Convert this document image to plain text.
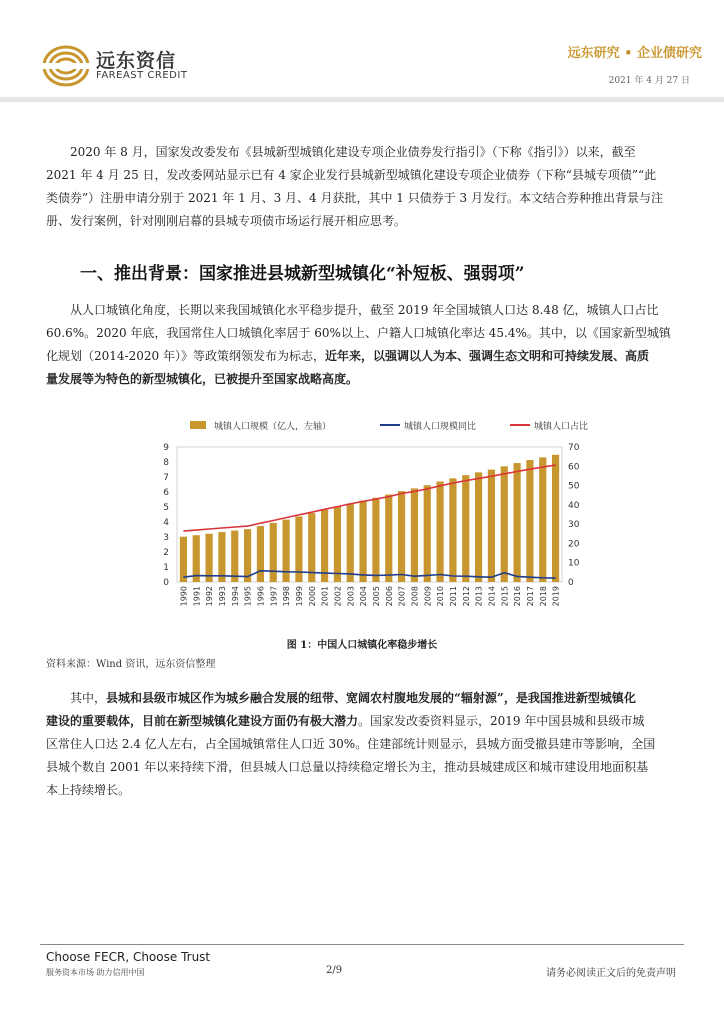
远东资信
FAREAST CREDIT
远东研究 • 企业债研究
2021 年 4 月 27 日
2020 年 8 月，国家发改委发布《县城新型城镇化建设专项企业债券发行指引》（下称《指引》）以来，截至
2021 年 4 月 25 日，发改委网站显示已有 4 家企业发行县城新型城镇化建设专项企业债券（下称“县城专项债”“此
类债券”）注册申请分别于 2021 年 1 月、3 月、4 月获批，其中 1 只债券于 3 月发行。本文结合券种推出背景与注
册、发行案例，针对刚刚启幕的县城专项债市场运行展开相应思考。
一、推出背景：国家推进县城新型城镇化“补短板、强弱项”
从人口城镇化角度，长期以来我国城镇化水平稳步提升，截至 2019 年全国城镇人口达 8.48 亿，城镇人口占比
60.6%。2020 年底，我国常住人口城镇化率居于 60%以上、户籍人口城镇化率达 45.4%。其中，以《国家新型城镇
化规划（2014-2020 年）》等政策纲领发布为标志，近年来，以强调以人为本、强调生态文明和可持续发展、高质
量发展等为特色的新型城镇化，已被提升至国家战略高度。
城镇人口规模（亿人，左轴）	城镇人口规模同比	城镇人口占比
0
1
2
3
4
5
6
7
8
9
0
10
20
30
40
50
60
70
1990 1991 1992 1993 1994 1995 1996 1997 1998 1999 2000 2001 2002 2003 2004 2005 2006 2007 2008 2009 2010 2011 2012 2013 2014 2015 2016 2017 2018 2019
图 1：中国人口城镇化率稳步增长
资料来源：Wind 资讯，远东资信整理
其中，县城和县级市城区作为城乡融合发展的纽带、宽阔农村腹地发展的“辐射源”，是我国推进新型城镇化
建设的重要载体，目前在新型城镇化建设方面仍有极大潜力。国家发改委资料显示，2019 年中国县城和县级市城
区常住人口达 2.4 亿人左右，占全国城镇常住人口近 30%。住建部统计则显示，县城方面受撤县建市等影响，全国
县城个数自 2001 年以来持续下滑，但县城人口总量以持续稳定增长为主，推动县城建成区和城市建设用地面积基
本上持续增长。
Choose FECR, Choose Trust
服务资本市场 助力信用中国	2/9	请务必阅读正文后的免责声明
